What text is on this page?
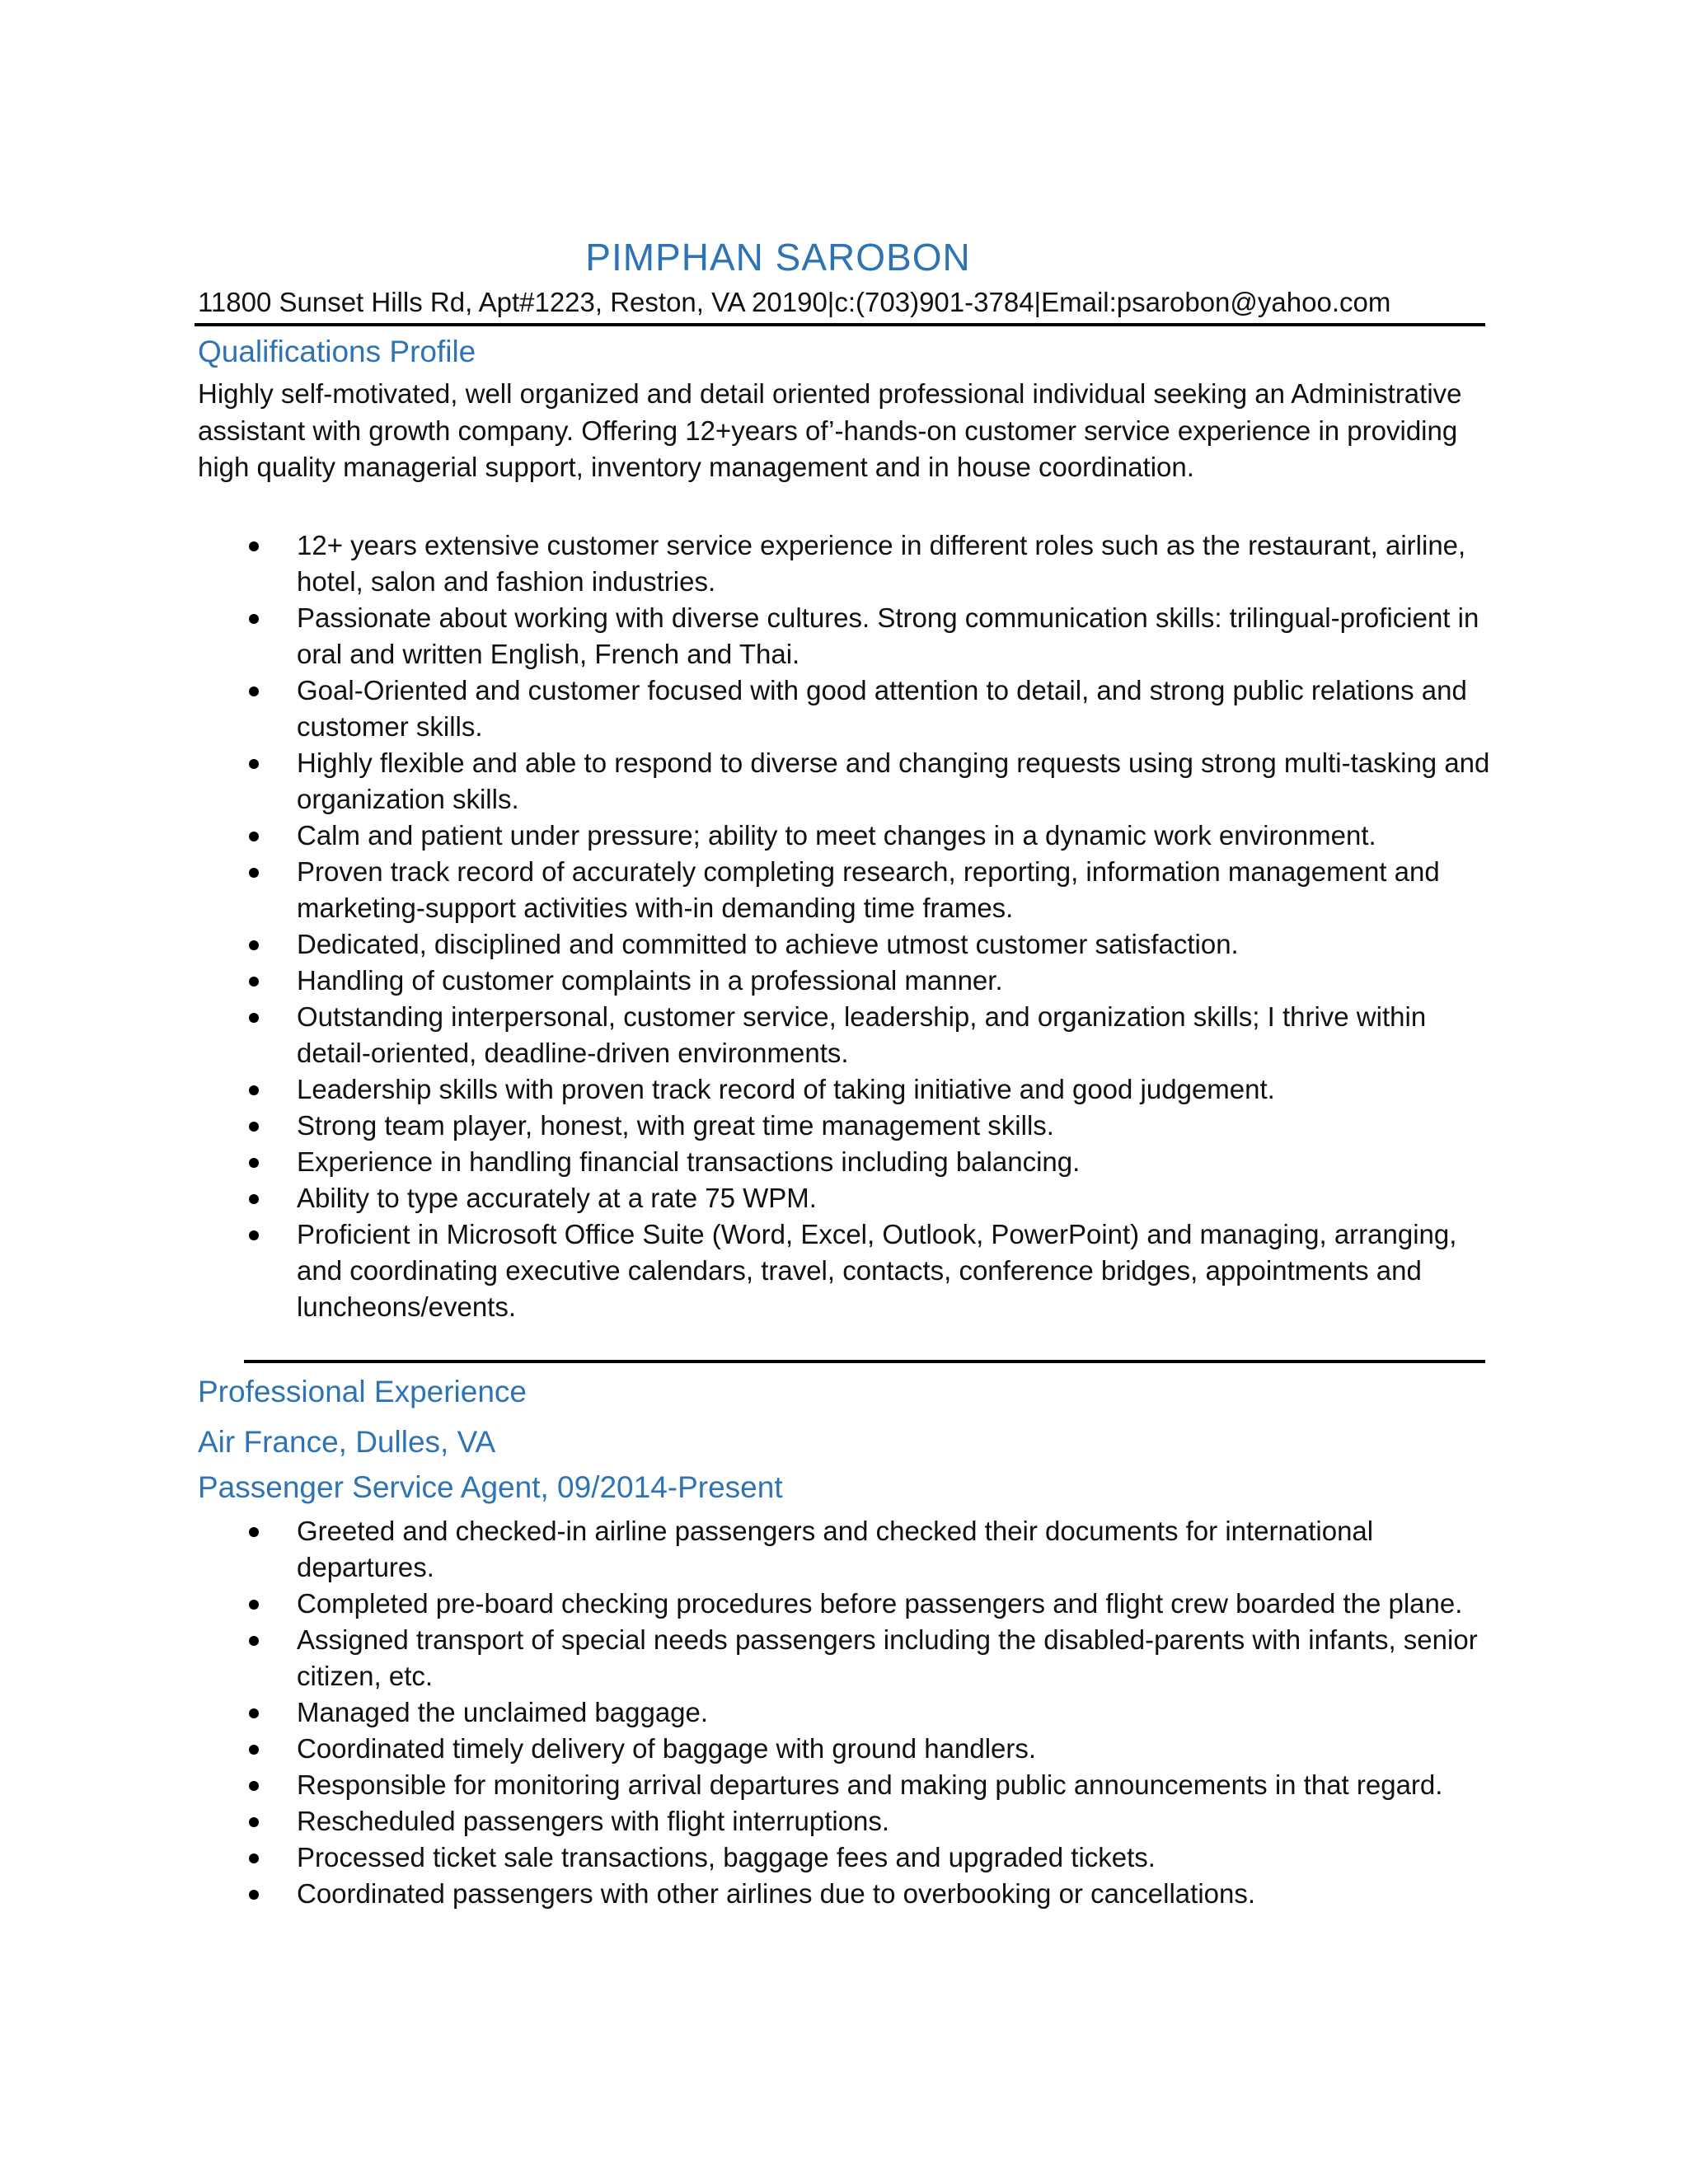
PIMPHAN SAROBON
11800 Sunset Hills Rd, Apt#1223, Reston, VA 20190|c:(703)901-3784|Email:psarobon@yahoo.com
Qualifications Profile
Highly self-motivated, well organized and detail oriented professional individual seeking an Administrative assistant with growth company. Offering 12+years of’-hands-on customer service experience in providing high quality managerial support, inventory management and in house coordination.
12+ years extensive customer service experience in different roles such as the restaurant, airline, hotel, salon and fashion industries.
Passionate about working with diverse cultures. Strong communication skills: trilingual-proficient in oral and written English, French and Thai.
Goal-Oriented and customer focused with good attention to detail, and strong public relations and customer skills.
Highly flexible and able to respond to diverse and changing requests using strong multi-tasking and organization skills.
Calm and patient under pressure; ability to meet changes in a dynamic work environment.
Proven track record of accurately completing research, reporting, information management and marketing-support activities with-in demanding time frames.
Dedicated, disciplined and committed to achieve utmost customer satisfaction.
Handling of customer complaints in a professional manner.
Outstanding interpersonal, customer service, leadership, and organization skills; I thrive within detail-oriented, deadline-driven environments.
Leadership skills with proven track record of taking initiative and good judgement.
Strong team player, honest, with great time management skills.
Experience in handling financial transactions including balancing.
Ability to type accurately at a rate 75 WPM.
Proficient in Microsoft Office Suite (Word, Excel, Outlook, PowerPoint) and managing, arranging, and coordinating executive calendars, travel, contacts, conference bridges, appointments and luncheons/events.
Professional Experience
Air France, Dulles, VA
Passenger Service Agent, 09/2014-Present
Greeted and checked-in airline passengers and checked their documents for international departures.
Completed pre-board checking procedures before passengers and flight crew boarded the plane.
Assigned transport of special needs passengers including the disabled-parents with infants, senior citizen, etc.
Managed the unclaimed baggage.
Coordinated timely delivery of baggage with ground handlers.
Responsible for monitoring arrival departures and making public announcements in that regard.
Rescheduled passengers with flight interruptions.
Processed ticket sale transactions, baggage fees and upgraded tickets.
Coordinated passengers with other airlines due to overbooking or cancellations.
